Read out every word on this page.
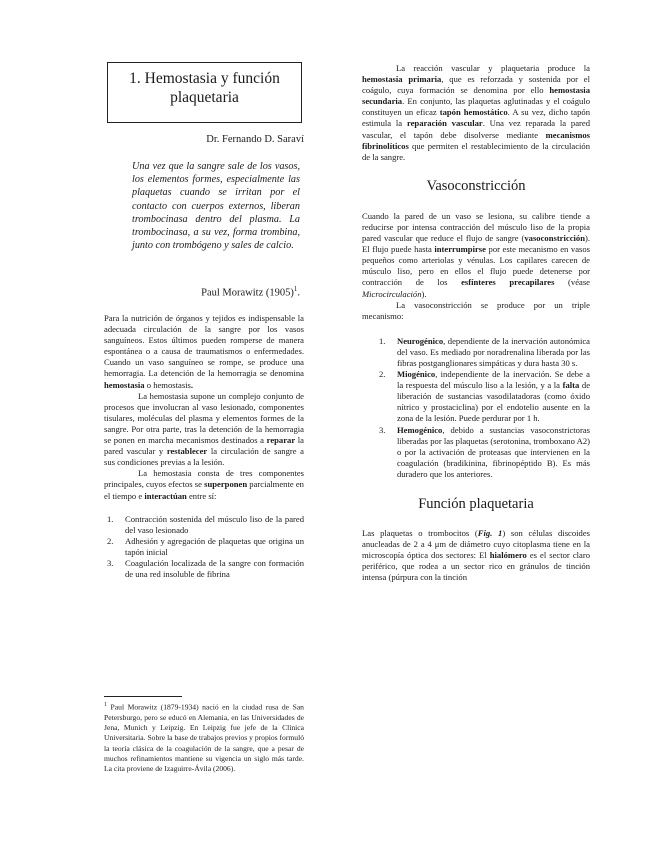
1. Hemostasia y función plaquetaria
Dr. Fernando D. Saraví
Una vez que la sangre sale de los vasos, los elementos formes, especialmente las plaquetas cuando se irritan por el contacto con cuerpos externos, liberan trombocinasa dentro del plasma. La trombocinasa, a su vez, forma trombina, junto con trombógeno y sales de calcio.
Paul Morawitz $(1905)^1$.

Para la nutrición de órganos y tejidos es indispensable la adecuada circulación de la sangre por los vasos sanguíneos. Estos últimos pueden romperse de manera espontánea o a causa de traumatismos o enfermedades. Cuando un vaso sanguíneo se rompe, se produce una hemorragia. La detención de la hemorragia se denomina hemostasia o hemostasis.

La hemostasia supone un complejo conjunto de procesos que involucran al vaso lesionado, componentes tisulares, moléculas del plasma y elementos formes de la sangre. Por otra parte, tras la detención de la hemorragia se ponen en marcha mecanismos destinados a reparar la pared vascular y restablecer la circulación de sangre a sus condiciones previas a la lesión.

La hemostasia consta de tres componentes principales, cuyos efectos se superponen parcialmente en el tiempo e interactúan entre sí:

1. Contracción sostenida del músculo liso de la pared del vaso lesionado
2. Adhesión y agregación de plaquetas que origina un tapón inicial
3. Coagulación localizada de la sangre con formación de una red insoluble de fibrina
$^1$ Paul Morawitz (1879-1934) nació en la ciudad rusa de San Petersburgo, pero se educó en Alemania, en las Universidades de Jena, Munich y Leipzig. En Leipzig fue jefe de la Clínica Universitaria. Sobre la base de trabajos previos y propios formuló la teoría clásica de la coagulación de la sangre, que a pesar de muchos refinamientos mantiene su vigencia un siglo más tarde. La cita proviene de Izaguirre-Ávila (2006).

La reacción vascular y plaquetaria produce la hemostasia primaria, que es reforzada y sostenida por el coágulo, cuya formación se denomina por ello hemostasia secundaria. En conjunto, las plaquetas aglutinadas y el coágulo constituyen un eficaz tapón hemostático. A su vez, dicho tapón estimula la reparación vascular. Una vez reparada la pared vascular, el tapón debe disolverse mediante mecanismos fibrinolíticos que permiten el restablecimiento de la circulación de la sangre.

Vasoconstricción

Cuando la pared de un vaso se lesiona, su calibre tiende a reducirse por intensa contracción del músculo liso de la propia pared vascular que reduce el flujo de sangre (vasoconstricción). El flujo puede hasta interrumpirse por este mecanismo en vasos pequeños como arteriolas y vénulas. Los capilares carecen de músculo liso, pero en ellos el flujo puede detenerse por contracción de los esfínteres precapilares (véase Microcirculación).

La vasoconstricción se produce por un triple mecanismo:

1. Neurogénico, dependiente de la inervación autonómica del vaso. Es mediado por noradrenalina liberada por las fibras postganglionares simpáticas y dura hasta 30 s.
2. Miogénico, independiente de la inervación. Se debe a la respuesta del músculo liso a la lesión, y a la falta de liberación de sustancias vasodilatadoras (como óxido nítrico y prostaciclina) por el endotelio ausente en la zona de la lesión. Puede perdurar por 1 h.
3. Hemogénico, debido a sustancias vasoconstrictoras liberadas por las plaquetas (serotonina, tromboxano A2) o por la activación de proteasas que intervienen en la coagulación (bradikinina, fibrinopéptido B). Es más duradero que los anteriores.
Función plaquetaria

Las plaquetas o trombocitos (Fig. 1) son células discoides anucleadas de 2 a 4 μm de diámetro cuyo citoplasma tiene en la microscopía óptica dos sectores: El hialómero es el sector claro periférico, que rodea a un sector rico en gránulos de tinción intensa (púrpura con la tinción
